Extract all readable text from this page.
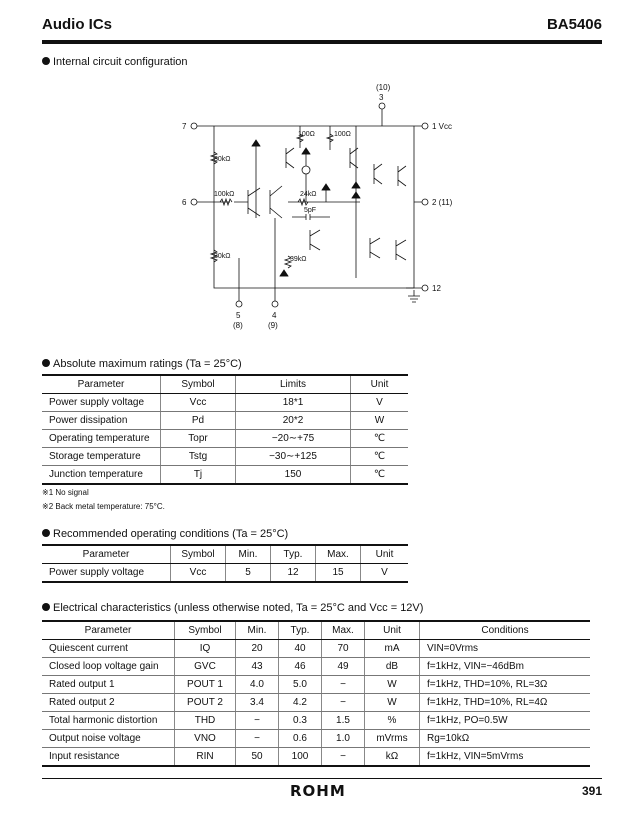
Audio ICs	BA5406
Internal circuit configuration
(10)
3
7	1 Vcc
6	2 (11)
12
5
(8)
4
(9)
100Ω	100Ω
30kΩ
100kΩ	24kΩ
5pF
30kΩ	39kΩ
Absolute maximum ratings (Ta = 25°C)
Parameter	Symbol	Limits	Unit
Power supply voltage	Vcc	18*1	V
Power dissipation	Pd	20*2	W
Operating temperature	Topr	−20∼+75	℃
Storage temperature	Tstg	−30∼+125	℃
Junction temperature	Tj	150	℃
※1 No signal
※2 Back metal temperature: 75°C.
Recommended operating conditions (Ta = 25°C)
Parameter	Symbol	Min.	Typ.	Max.	Unit
Power supply voltage	Vcc	5	12	15	V
Electrical characteristics (unless otherwise noted, Ta = 25°C and Vcc = 12V)
Parameter	Symbol	Min.	Typ.	Max.	Unit	Conditions
Quiescent current	IQ	20	40	70	mA	VIN=0Vrms
Closed loop voltage gain	GVC	43	46	49	dB	f=1kHz, VIN=−46dBm
Rated output 1	POUT 1	4.0	5.0	−	W	f=1kHz, THD=10%, RL=3Ω
Rated output 2	POUT 2	3.4	4.2	−	W	f=1kHz, THD=10%, RL=4Ω
Total harmonic distortion	THD	−	0.3	1.5	%	f=1kHz, PO=0.5W
Output noise voltage	VNO	−	0.6	1.0	mVrms	Rg=10kΩ
Input resistance	RIN	50	100	−	kΩ	f=1kHz, VIN=5mVrms
ROHM	391
